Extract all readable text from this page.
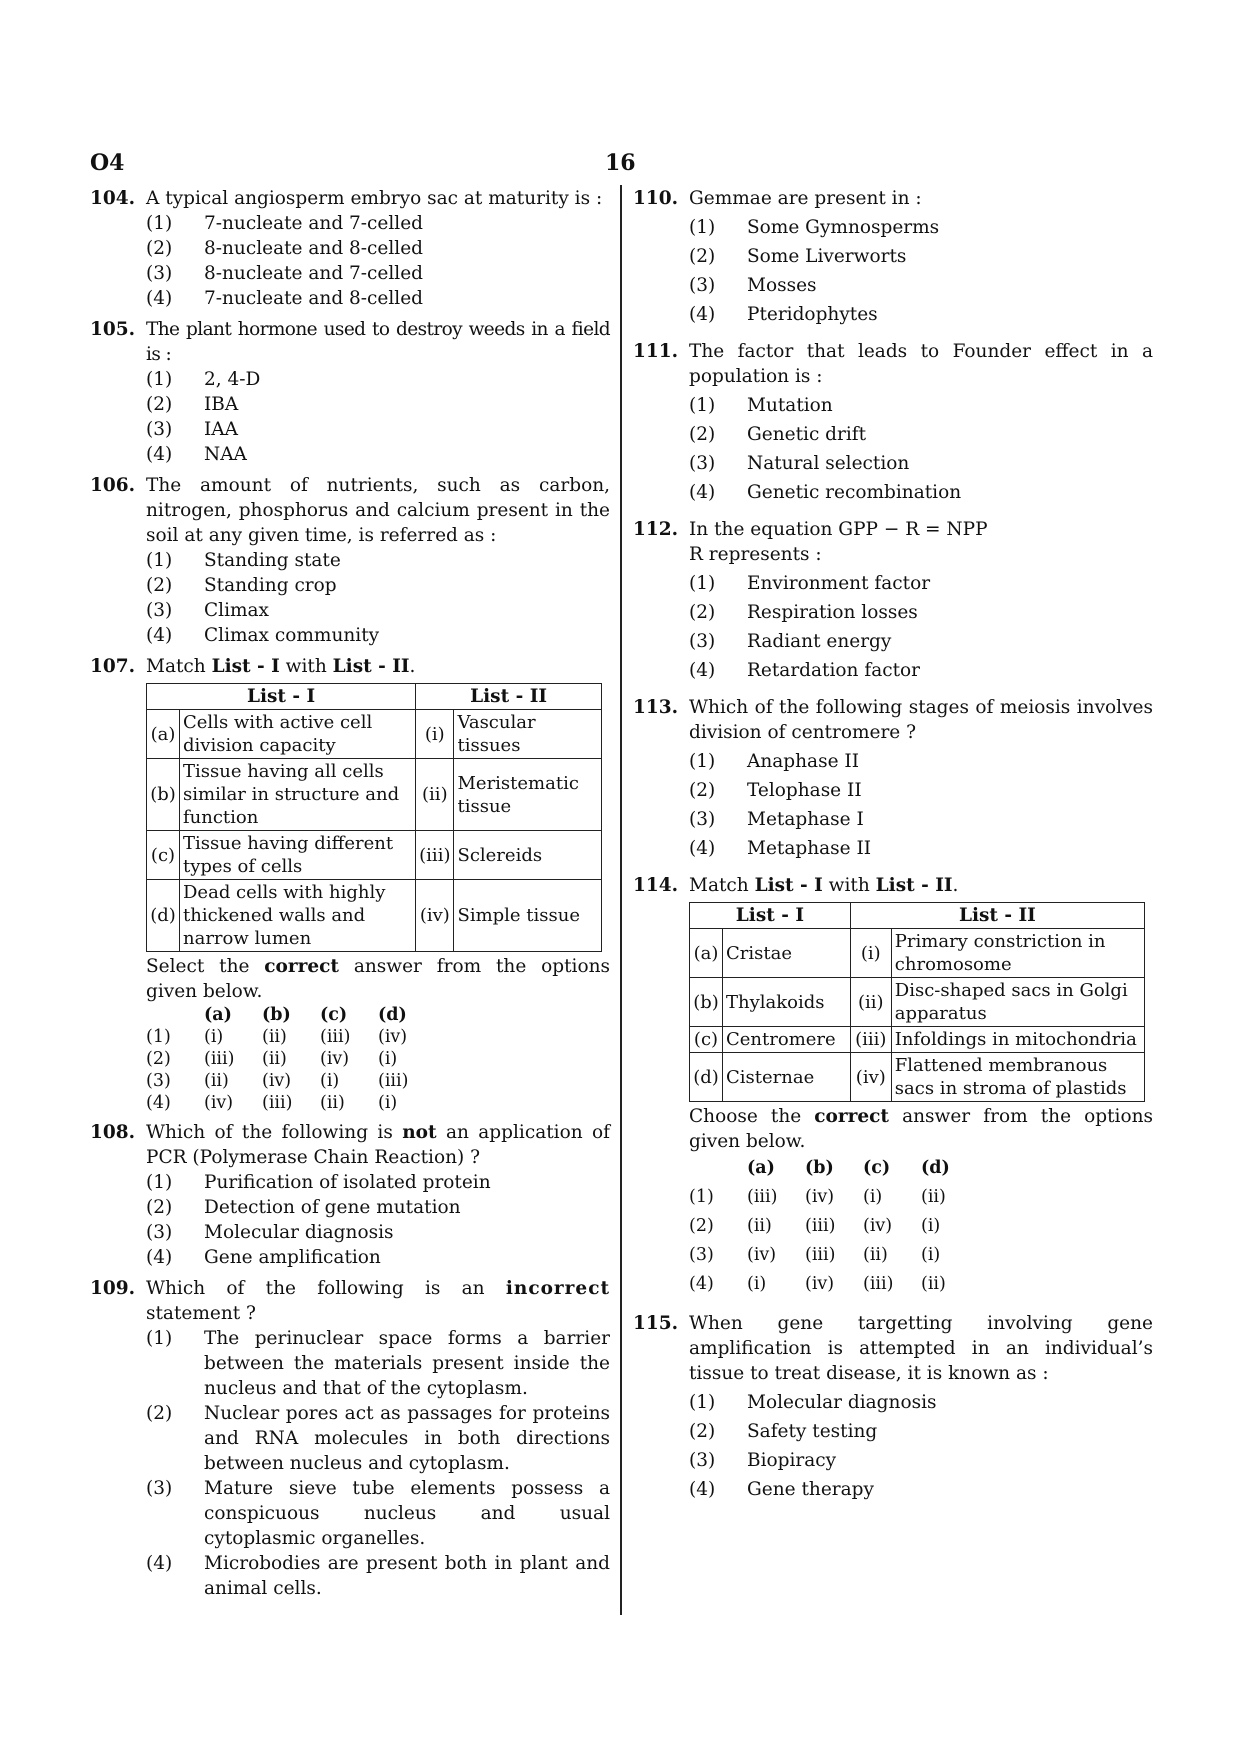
O4	16
104. A typical angiosperm embryo sac at maturity is :
(1)	7-nucleate and 7-celled
(2)	8-nucleate and 8-celled
(3)	8-nucleate and 7-celled
(4)	7-nucleate and 8-celled
105. The plant hormone used to destroy weeds in a field is :
(1)	2, 4-D
(2)	IBA
(3)	IAA
(4)	NAA
106. The amount of nutrients, such as carbon, nitrogen, phosphorus and calcium present in the soil at any given time, is referred as :
(1)	Standing state
(2)	Standing crop
(3)	Climax
(4)	Climax community
107. Match List - I with List - II.
List - I		List - II	
(a)	Cells with active cell division capacity	(i)	Vascular tissues
(b)	Tissue having all cells similar in structure and function	(ii)	Meristematic tissue
(c)	Tissue having different types of cells	(iii)	Sclereids
(d)	Dead cells with highly thickened walls and narrow lumen	(iv)	Simple tissue
Select the correct answer from the options given below.
	(a)	(b)	(c)	(d)
(1)	(i)	(ii)	(iii)	(iv)
(2)	(iii)	(ii)	(iv)	(i)
(3)	(ii)	(iv)	(i)	(iii)
(4)	(iv)	(iii)	(ii)	(i)
108. Which of the following is not an application of PCR (Polymerase Chain Reaction) ?
(1)	Purification of isolated protein
(2)	Detection of gene mutation
(3)	Molecular diagnosis
(4)	Gene amplification
109. Which of the following is an incorrect statement ?
(1)	The perinuclear space forms a barrier between the materials present inside the nucleus and that of the cytoplasm.
(2)	Nuclear pores act as passages for proteins and RNA molecules in both directions between nucleus and cytoplasm.
(3)	Mature sieve tube elements possess a conspicuous nucleus and usual cytoplasmic organelles.
(4)	Microbodies are present both in plant and animal cells.
110. Gemmae are present in :
(1)	Some Gymnosperms
(2)	Some Liverworts
(3)	Mosses
(4)	Pteridophytes
111. The factor that leads to Founder effect in a population is :
(1)	Mutation
(2)	Genetic drift
(3)	Natural selection
(4)	Genetic recombination
112. In the equation GPP − R = NPP
R represents :
(1)	Environment factor
(2)	Respiration losses
(3)	Radiant energy
(4)	Retardation factor
113. Which of the following stages of meiosis involves division of centromere ?
(1)	Anaphase II
(2)	Telophase II
(3)	Metaphase I
(4)	Metaphase II
114. Match List - I with List - II.
List - I		List - II	
(a)	Cristae	(i)	Primary constriction in chromosome
(b)	Thylakoids	(ii)	Disc-shaped sacs in Golgi apparatus
(c)	Centromere	(iii)	Infoldings in mitochondria
(d)	Cisternae	(iv)	Flattened membranous sacs in stroma of plastids
Choose the correct answer from the options given below.
	(a)	(b)	(c)	(d)
(1)	(iii)	(iv)	(i)	(ii)
(2)	(ii)	(iii)	(iv)	(i)
(3)	(iv)	(iii)	(ii)	(i)
(4)	(i)	(iv)	(iii)	(ii)
115. When gene targetting involving gene amplification is attempted in an individual’s tissue to treat disease, it is known as :
(1)	Molecular diagnosis
(2)	Safety testing
(3)	Biopiracy
(4)	Gene therapy
